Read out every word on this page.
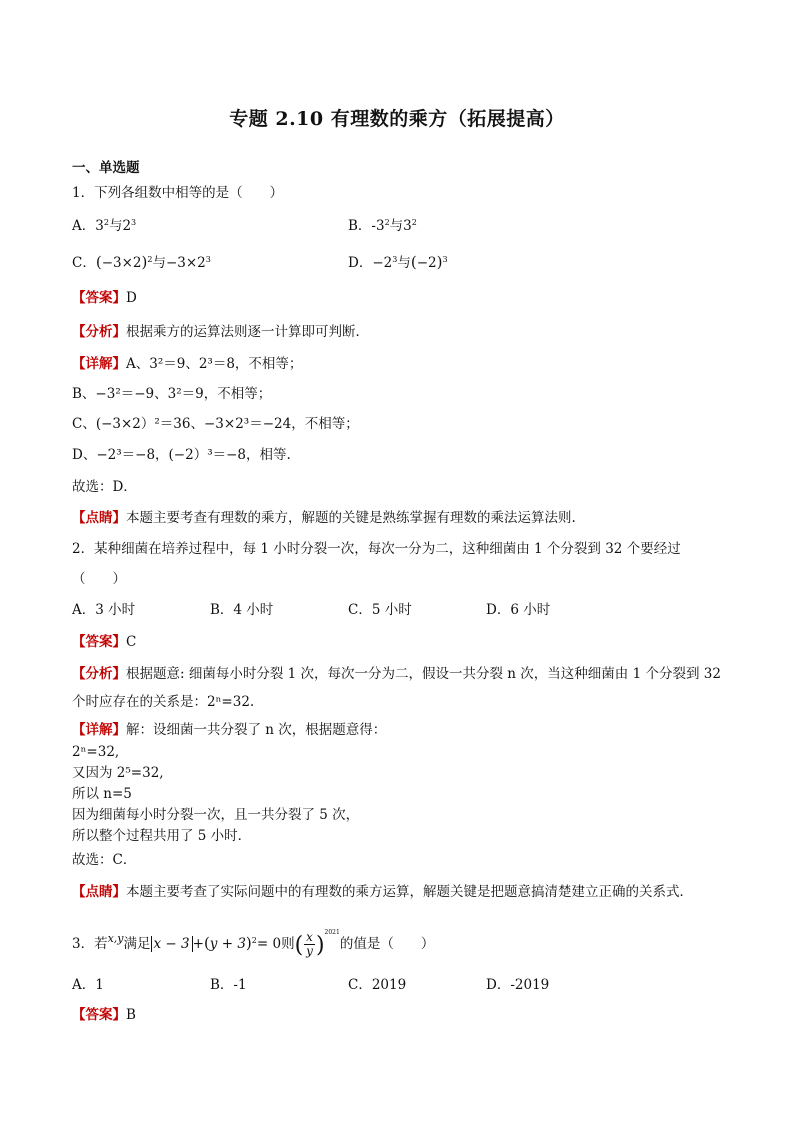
专题 2.10 有理数的乘方（拓展提高）
一、单选题
1．下列各组数中相等的是（　　）
A．$3^2$与$2^3$	B．$-3^2$与$3^2$
C．$(-3\times 2)^2$与$-3\times 2^3$	D．$-2^3$与$(-2)^3$
【答案】D
【分析】根据乘方的运算法则逐一计算即可判断．
【详解】A、3²＝9、2³＝8，不相等；
B、−3²＝−9、3²＝9，不相等；
C、(−3×2）²＝36、−3×2³＝−24，不相等；
D、−2³＝−8，(−2）³＝−8，相等.
故选：D．
【点睛】本题主要考查有理数的乘方，解题的关键是熟练掌握有理数的乘法运算法则.
2．某种细菌在培养过程中，每 1 小时分裂一次，每次一分为二，这种细菌由 1 个分裂到 32 个要经过
（　　）
A．3 小时	B．4 小时	C．5 小时	D．6 小时
【答案】C
【分析】根据题意: 细菌每小时分裂 1 次，每次一分为二，假设一共分裂 n 次，当这种细菌由 1 个分裂到 32
个时应存在的关系是：2ⁿ=32.
【详解】解：设细菌一共分裂了 n 次，根据题意得：
2ⁿ=32,
又因为 2⁵=32,
所以 n=5
因为细菌每小时分裂一次，且一共分裂了 5 次，
所以整个过程共用了 5 小时．
故选：C．
【点睛】本题主要考查了实际问题中的有理数的乘方运算，解题关键是把题意搞清楚建立正确的关系式．
3．若$^{x,y}$满足 $x - 3 +(y + 3)^2= 0$则( $\frac{x}{y} )^{2021}$的值是（　　）
A．1	B．-1	C．2019	D．-2019
【答案】B
